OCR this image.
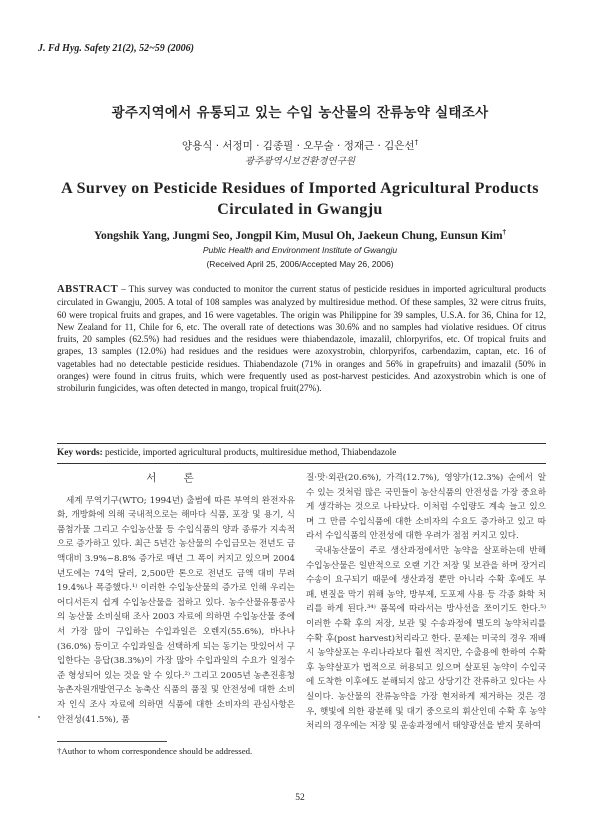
J. Fd Hyg. Safety 21(2), 52~59 (2006)
광주지역에서 유통되고 있는 수입 농산물의 잔류농약 실태조사
양용식 · 서정미 · 김종필 · 오무술 · 정재근 · 김은선†
광주광역시보건환경연구원
A Survey on Pesticide Residues of Imported Agricultural Products Circulated in Gwangju
Yongshik Yang, Jungmi Seo, Jongpil Kim, Musul Oh, Jaekeun Chung, Eunsun Kim†
Public Health and Environment Institute of Gwangju
(Received April 25, 2006/Accepted May 26, 2006)
ABSTRACT – This survey was conducted to monitor the current status of pesticide residues in imported agricultural products circulated in Gwangju, 2005. A total of 108 samples was analyzed by multiresidue method. Of these samples, 32 were citrus fruits, 60 were tropical fruits and grapes, and 16 were vagetables. The origin was Philippine for 39 samples, U.S.A. for 36, China for 12, New Zealand for 11, Chile for 6, etc. The overall rate of detections was 30.6% and no samples had violative residues. Of citrus fruits, 20 samples (62.5%) had residues and the residues were thiabendazole, imazalil, chlorpyrifos, etc. Of tropical fruits and grapes, 13 samples (12.0%) had residues and the residues were azoxystrobin, chlorpyrifos, carbendazim, captan, etc. 16 of vagetables had no detectable pesticide residues. Thiabendazole (71% in oranges and 56% in grapefruits) and imazalil (50% in oranges) were found in citrus fruits, which were frequently used as post-harvest pesticides. And azoxystrobin which is one of strobilurin fungicides, was often detected in mango, tropical fruit(27%).
Key words: pesticide, imported agricultural products, multiresidue method, Thiabendazole
서 론

세계 무역기구(WTO; 1994년) 출범에 따른 부역의 완전자유화, 개방화에 의해 국내적으로는 해마다 식품, 포장 및 용기, 식품첨가물 그리고 수입농산물 등 수입식품의 양과 종류가 지속적으로 증가하고 있다. 최근 5년간 농산물의 수입금모는 전년도 금액대비 3.9%~8.8% 증가로 매년 그 폭이 커지고 있으며 2004년도에는 74억 달러, 2,500만 톤으로 전년도 금액 대비 무려 19.4%나 폭증했다.¹⁾ 이러한 수입농산물의 증가로 인해 우리는 어디서든지 쉽게 수입농산물을 접하고 있다. 농수산물유통공사의 농산물 소비실태 조사 2003 자료에 의하면 수입농산물 중에서 가장 많이 구입하는 수입과일은 오렌지(55.6%), 바나나(36.0%) 등이고 수입과일을 선택하게 되는 동기는 맛있어서 구입한다는 응답(38.3%)이 가장 많아 수입과일의 수요가 일정수준 형성되어 있는 것을 알 수 있다.²⁾ 그리고 2005년 농촌진흥청 농촌자원개발연구소 농축산 식품의 품질 및 안전성에 대한 소비자 인식 조사 자료에 의하면 식품에 대한 소비자의 관심사항은 안전성(41.5%), 품

질·맛·외관(20.6%), 가격(12.7%), 영양가(12.3%) 순에서 알 수 있는 것처럼 많은 국민들이 농산식품의 안전성을 가장 중요하게 생각하는 것으로 나타났다. 이처럼 수입량도 계속 늘고 있으며 그 만큼 수입식품에 대한 소비자의 수요도 증가하고 있고 따라서 수입식품의 안전성에 대한 우려가 점점 커지고 있다.

국내농산물이 주로 생산과정에서만 농약을 살포하는데 반해 수입농산물은 일반적으로 오랜 기간 저장 및 보관을 하며 장거리 수송이 요구되기 때문에 생산과정 뿐만 아니라 수확 후에도 부패, 변질을 막기 위해 농약, 방부제, 도포제 사용 등 각종 화학 처리를 하게 된다.³⁴⁾ 품목에 따라서는 방사선을 쪼이기도 한다.⁵⁾ 이러한 수확 후의 저장, 보관 및 수송과정에 별도의 농약처리를 수확 후(post harvest)처리라고 한다. 문제는 미국의 경우 재배시 농약살포는 우리나라보다 훨씬 적지만, 수출용에 한하여 수확 후 농약살포가 법적으로 허용되고 있으며 살포된 농약이 수입국에 도착한 이후에도 분해되지 않고 상당기간 잔류하고 있다는 사실이다. 농산물의 잔류농약을 가장 현저하게 제거하는 것은 경우, 햇빛에 의한 광분해 및 대기 중으로의 휘산인데 수확 후 농약처리의 경우에는 저장 및 운송과정에서 태양광선을 받지 못하여

†Author to whom correspondence should be addressed.
52
